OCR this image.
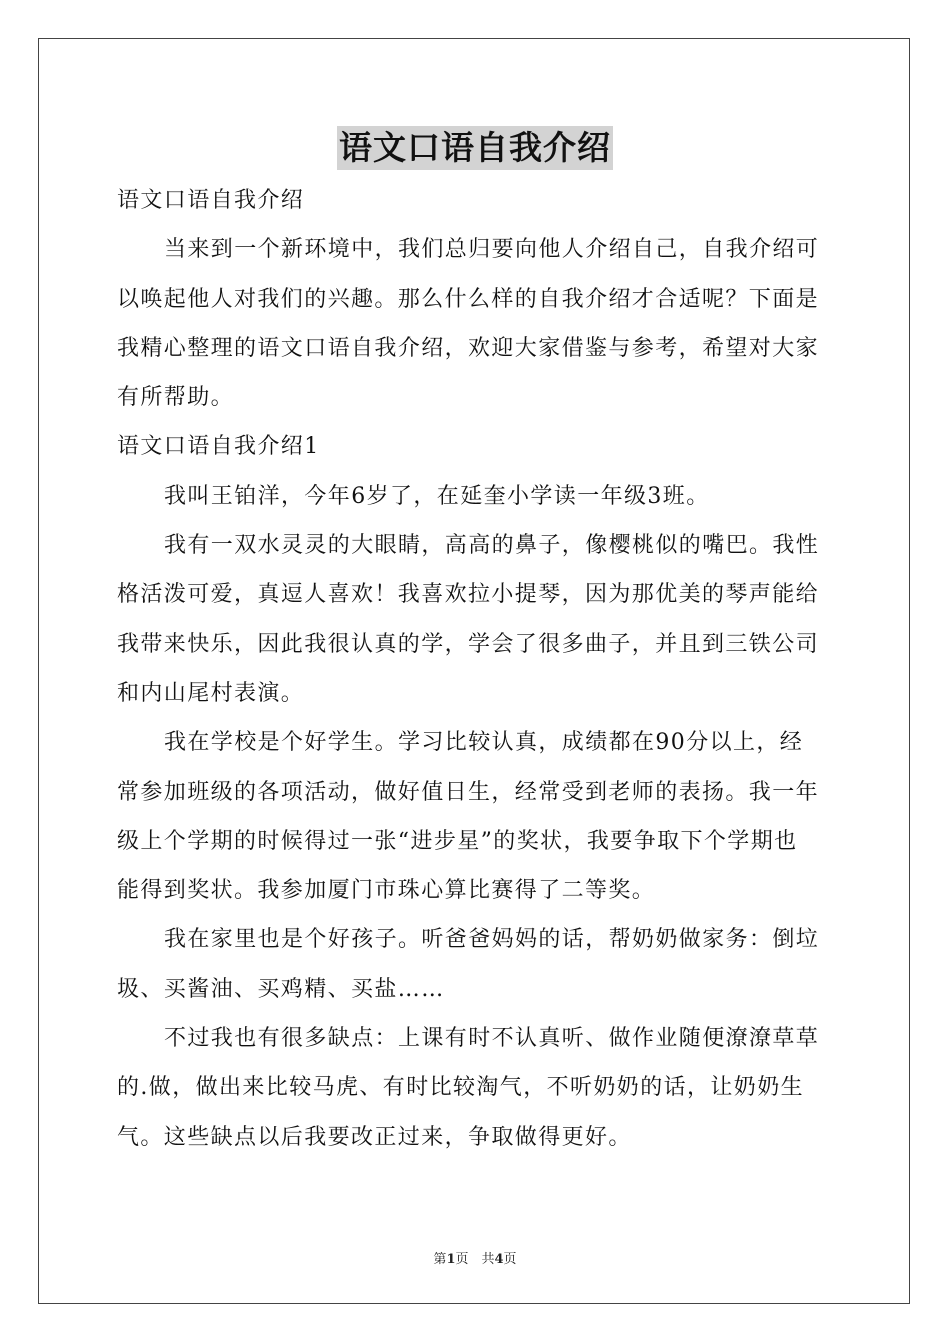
语文口语自我介绍
语文口语自我介绍
当来到一个新环境中，我们总归要向他人介绍自己，自我介绍可
以唤起他人对我们的兴趣。那么什么样的自我介绍才合适呢？下面是
我精心整理的语文口语自我介绍，欢迎大家借鉴与参考，希望对大家
有所帮助。
语文口语自我介绍1
我叫王铂洋，今年6岁了，在延奎小学读一年级3班。
我有一双水灵灵的大眼睛，高高的鼻子，像樱桃似的嘴巴。我性
格活泼可爱，真逗人喜欢！我喜欢拉小提琴，因为那优美的琴声能给
我带来快乐，因此我很认真的学，学会了很多曲子，并且到三铁公司
和内山尾村表演。
我在学校是个好学生。学习比较认真，成绩都在90分以上，经
常参加班级的各项活动，做好值日生，经常受到老师的表扬。我一年
级上个学期的时候得过一张“进步星”的奖状，我要争取下个学期也
能得到奖状。我参加厦门市珠心算比赛得了二等奖。
我在家里也是个好孩子。听爸爸妈妈的话，帮奶奶做家务：倒垃
圾、买酱油、买鸡精、买盐……
不过我也有很多缺点：上课有时不认真听、做作业随便潦潦草草
的.做，做出来比较马虎、有时比较淘气，不听奶奶的话，让奶奶生
气。这些缺点以后我要改正过来，争取做得更好。
第1页　共4页
